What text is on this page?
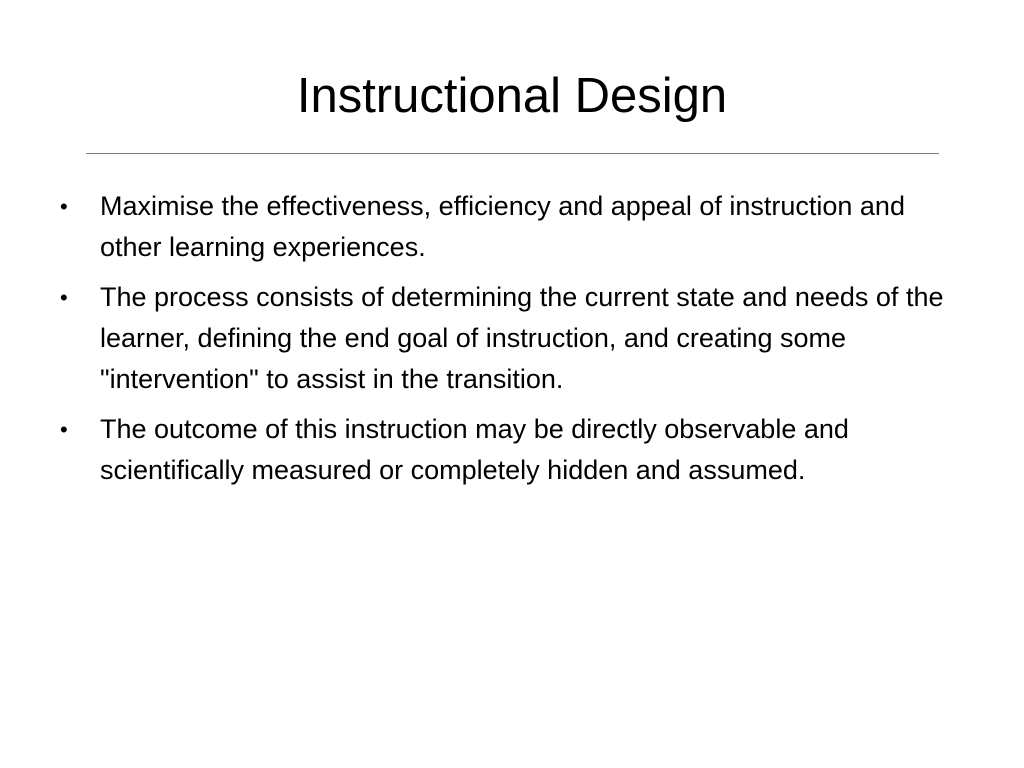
Instructional Design
•	Maximise the effectiveness, efficiency and appeal of instruction and other learning experiences.
•	The process consists of determining the current state and needs of the learner, defining the end goal of instruction, and creating some "intervention" to assist in the transition.
•	The outcome of this instruction may be directly observable and scientifically measured or completely hidden and assumed.
